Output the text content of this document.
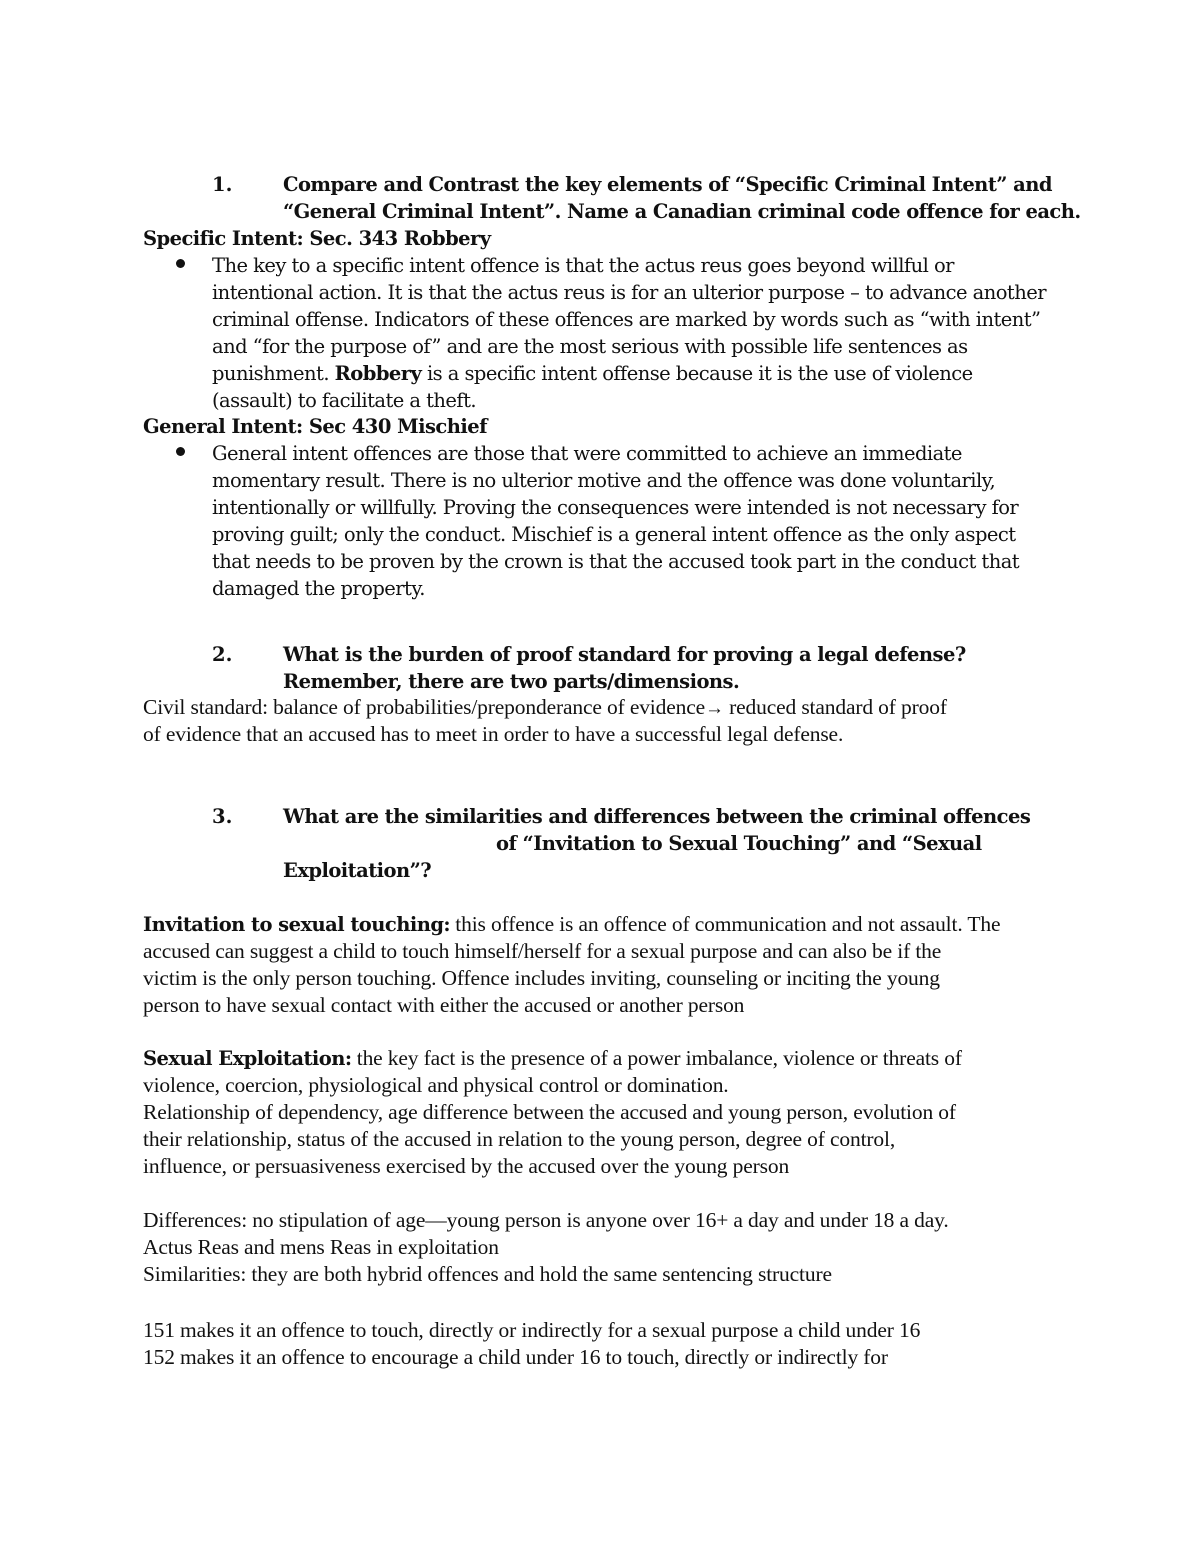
1.	Compare and Contrast the key elements of “Specific Criminal Intent” and
“General Criminal Intent”. Name a Canadian criminal code offence for each.
Specific Intent: Sec. 343 Robbery
The key to a specific intent offence is that the actus reus goes beyond willful or
intentional action. It is that the actus reus is for an ulterior purpose – to advance another
criminal offense. Indicators of these offences are marked by words such as “with intent”
and “for the purpose of” and are the most serious with possible life sentences as
punishment. Robbery is a specific intent offense because it is the use of violence
(assault) to facilitate a theft.
General Intent: Sec 430 Mischief
General intent offences are those that were committed to achieve an immediate
momentary result. There is no ulterior motive and the offence was done voluntarily,
intentionally or willfully. Proving the consequences were intended is not necessary for
proving guilt; only the conduct. Mischief is a general intent offence as the only aspect
that needs to be proven by the crown is that the accused took part in the conduct that
damaged the property.
2.	What is the burden of proof standard for proving a legal defense?
Remember, there are two parts/dimensions.
Civil standard: balance of probabilities/preponderance of evidence→ reduced standard of proof
of evidence that an accused has to meet in order to have a successful legal defense.
3.	What are the similarities and differences between the criminal offences
of “Invitation to Sexual Touching” and “Sexual
Exploitation”?
Invitation to sexual touching: this offence is an offence of communication and not assault. The
accused can suggest a child to touch himself/herself for a sexual purpose and can also be if the
victim is the only person touching. Offence includes inviting, counseling or inciting the young
person to have sexual contact with either the accused or another person
Sexual Exploitation: the key fact is the presence of a power imbalance, violence or threats of
violence, coercion, physiological and physical control or domination.
Relationship of dependency, age difference between the accused and young person, evolution of
their relationship, status of the accused in relation to the young person, degree of control,
influence, or persuasiveness exercised by the accused over the young person
Differences: no stipulation of age—young person is anyone over 16+ a day and under 18 a day.
Actus Reas and mens Reas in exploitation
Similarities: they are both hybrid offences and hold the same sentencing structure
151 makes it an offence to touch, directly or indirectly for a sexual purpose a child under 16
152 makes it an offence to encourage a child under 16 to touch, directly or indirectly for
